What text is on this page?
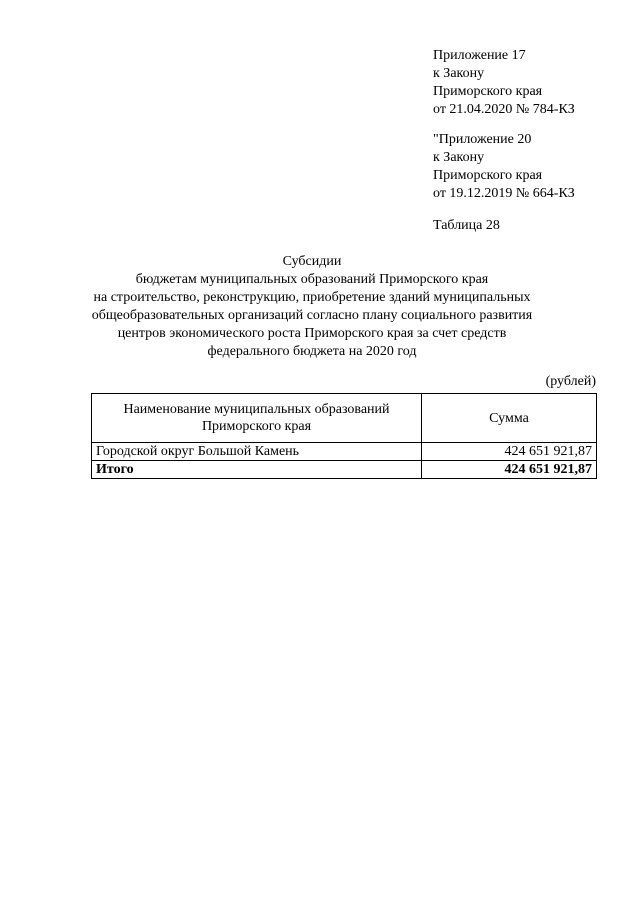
Приложение 17
к Закону
Приморского края
от 21.04.2020 № 784-КЗ
"Приложение 20
к Закону
Приморского края
от 19.12.2019 № 664-КЗ
Таблица 28
Субсидии
бюджетам муниципальных образований Приморского края
на строительство, реконструкцию, приобретение зданий муниципальных
общеобразовательных организаций согласно плану социального развития
центров экономического роста Приморского края за счет средств
федерального бюджета на 2020 год
(рублей)
Наименование муниципальных образований
Приморского края	Сумма
Городской округ Большой Камень	424 651 921,87
Итого	424 651 921,87
